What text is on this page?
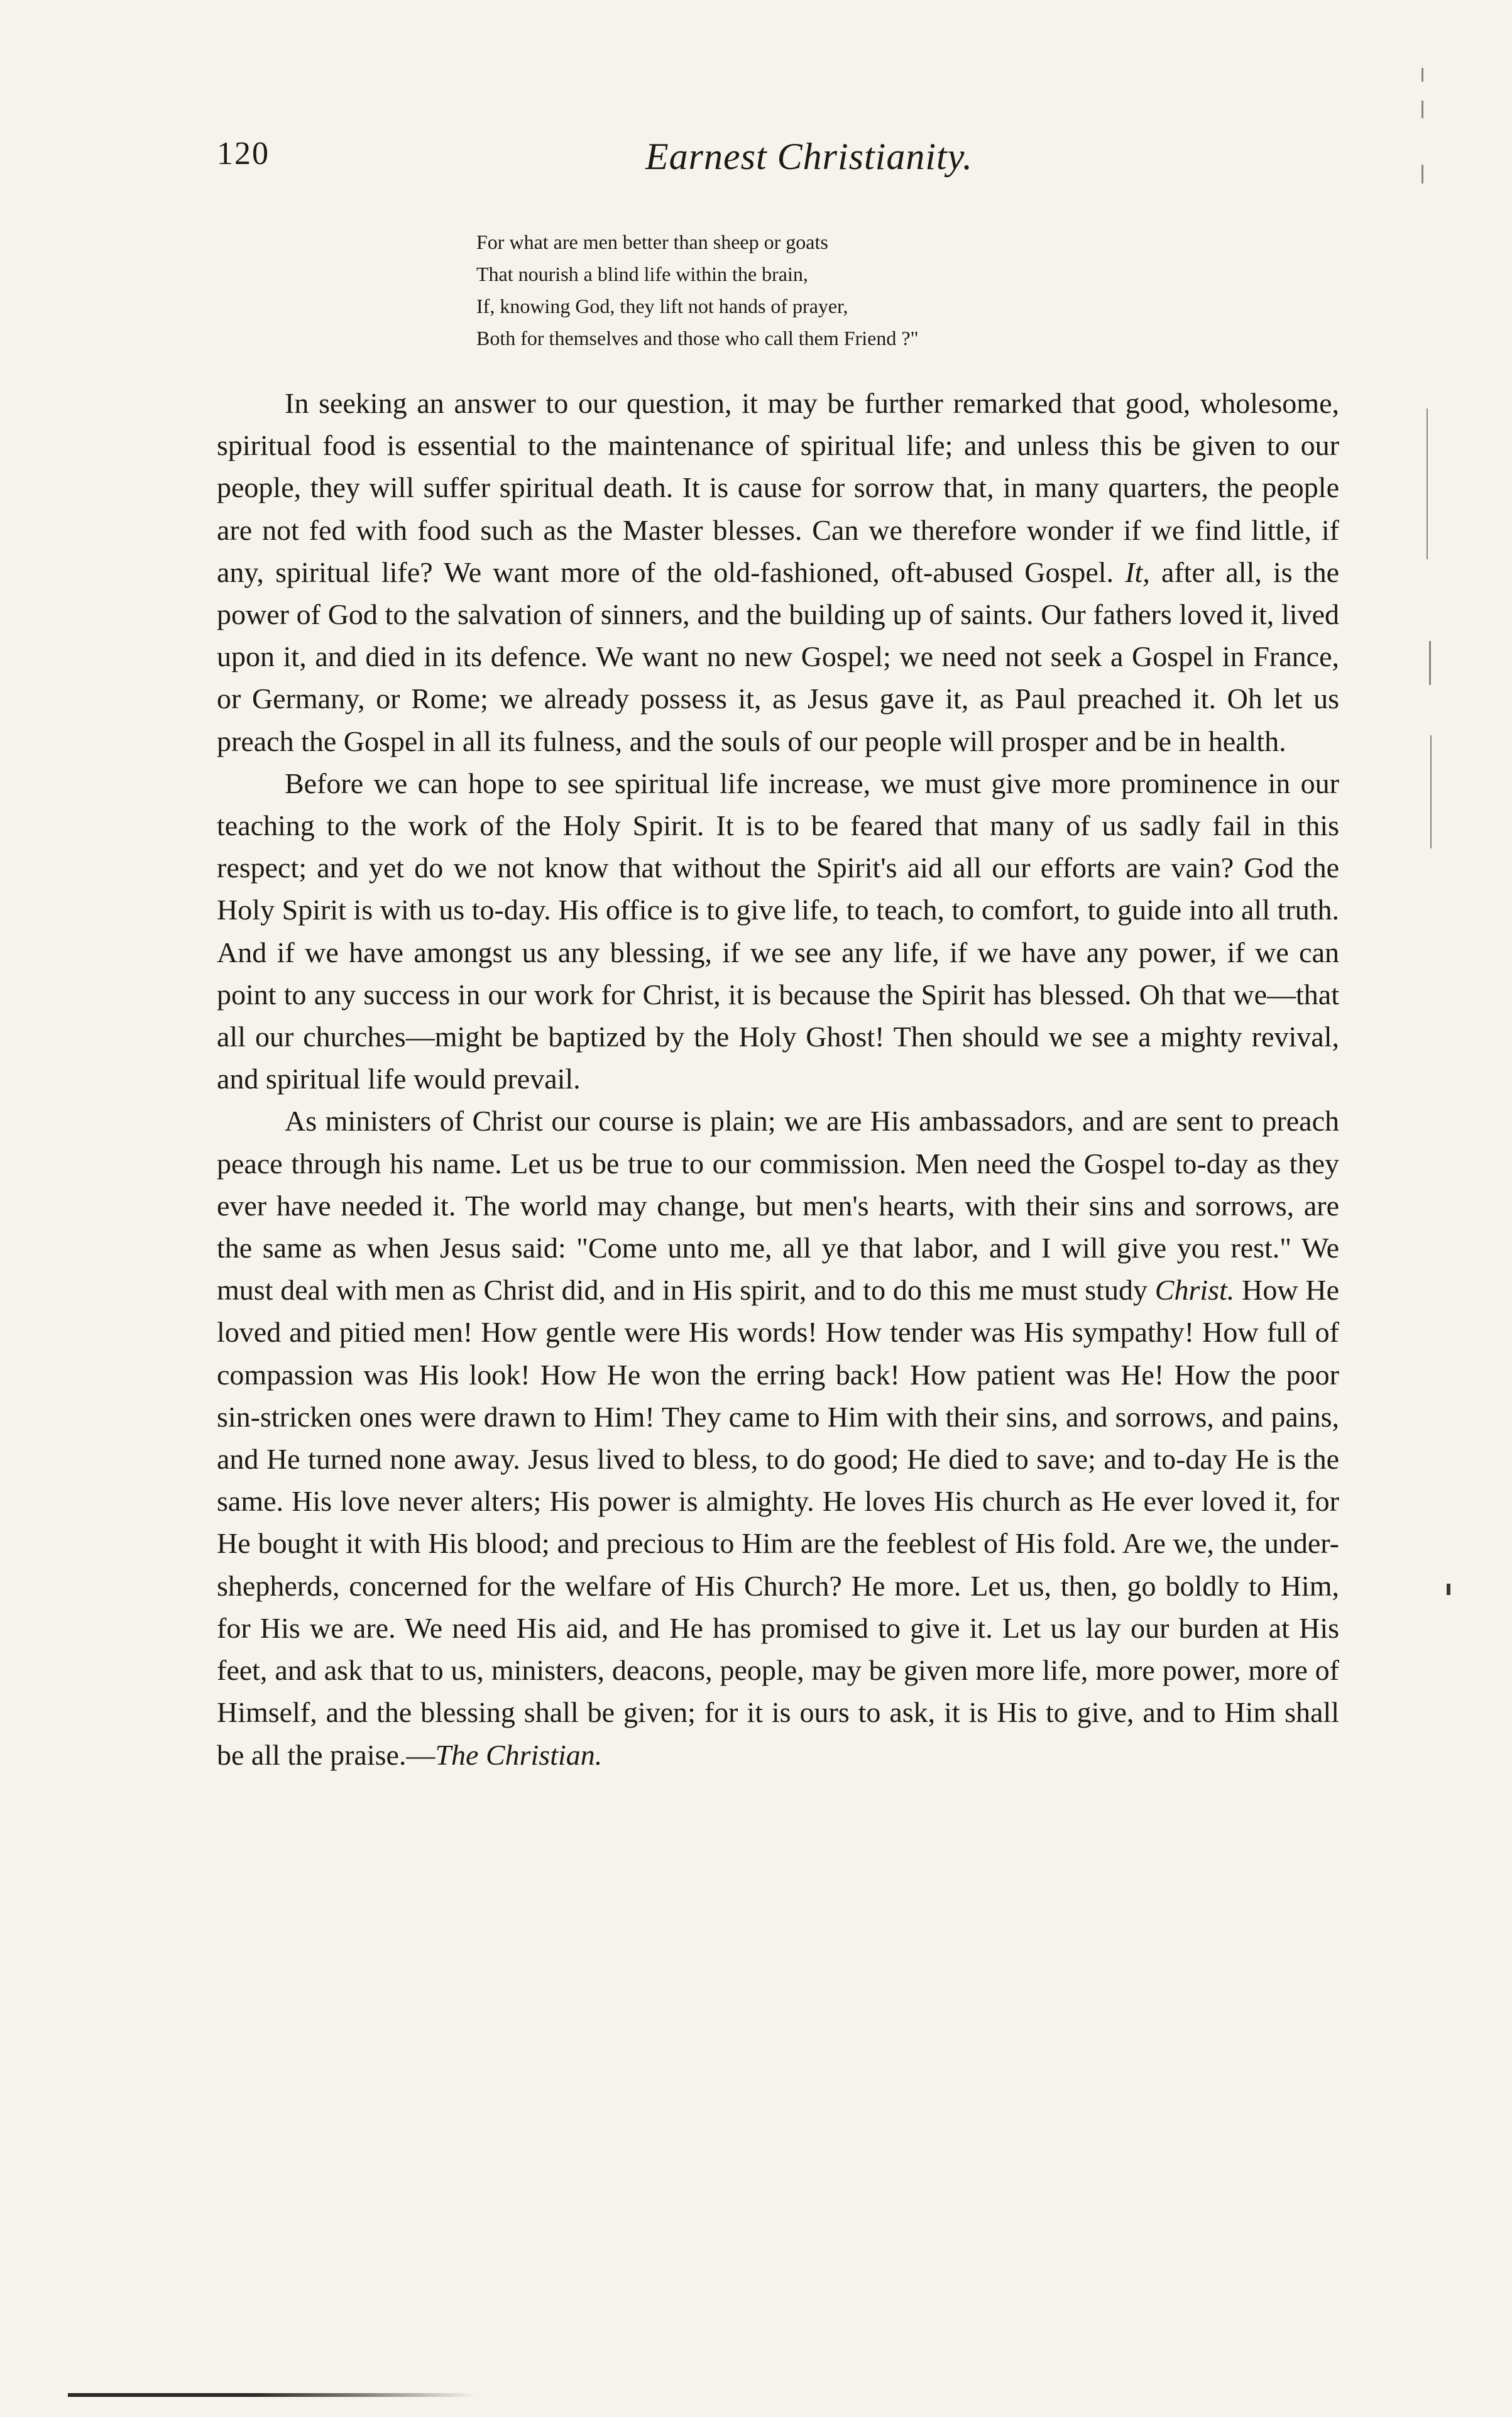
120	Earnest Christianity.
For what are men better than sheep or goats
That nourish a blind life within the brain,
If, knowing God, they lift not hands of prayer,
Both for themselves and those who call them Friend ?"

In seeking an answer to our question, it may be further remarked that good, wholesome, spiritual food is essential to the maintenance of spiritual life; and unless this be given to our people, they will suffer spiritual death. It is cause for sorrow that, in many quarters, the people are not fed with food such as the Master blesses. Can we therefore wonder if we find little, if any, spiritual life? We want more of the old-fashioned, oft-abused Gospel. It, after all, is the power of God to the salvation of sinners, and the building up of saints. Our fathers loved it, lived upon it, and died in its defence. We want no new Gospel; we need not seek a Gospel in France, or Germany, or Rome; we already possess it, as Jesus gave it, as Paul preached it. Oh let us preach the Gospel in all its fulness, and the souls of our people will prosper and be in health.

Before we can hope to see spiritual life increase, we must give more prominence in our teaching to the work of the Holy Spirit. It is to be feared that many of us sadly fail in this respect; and yet do we not know that without the Spirit's aid all our efforts are vain? God the Holy Spirit is with us to-day. His office is to give life, to teach, to comfort, to guide into all truth. And if we have amongst us any blessing, if we see any life, if we have any power, if we can point to any success in our work for Christ, it is because the Spirit has blessed. Oh that we—that all our churches—might be baptized by the Holy Ghost! Then should we see a mighty revival, and spiritual life would prevail.

As ministers of Christ our course is plain; we are His ambassadors, and are sent to preach peace through his name. Let us be true to our commission. Men need the Gospel to-day as they ever have needed it. The world may change, but men's hearts, with their sins and sorrows, are the same as when Jesus said: "Come unto me, all ye that labor, and I will give you rest." We must deal with men as Christ did, and in His spirit, and to do this me must study Christ. How He loved and pitied men! How gentle were His words! How tender was His sympathy! How full of compassion was His look! How He won the erring back! How patient was He! How the poor sin-stricken ones were drawn to Him! They came to Him with their sins, and sorrows, and pains, and He turned none away. Jesus lived to bless, to do good; He died to save; and to-day He is the same. His love never alters; His power is almighty. He loves His church as He ever loved it, for He bought it with His blood; and precious to Him are the feeblest of His fold. Are we, the under-shepherds, concerned for the welfare of His Church? He more. Let us, then, go boldly to Him, for His we are. We need His aid, and He has promised to give it. Let us lay our burden at His feet, and ask that to us, ministers, deacons, people, may be given more life, more power, more of Himself, and the blessing shall be given; for it is ours to ask, it is His to give, and to Him shall be all the praise.—The Christian.
